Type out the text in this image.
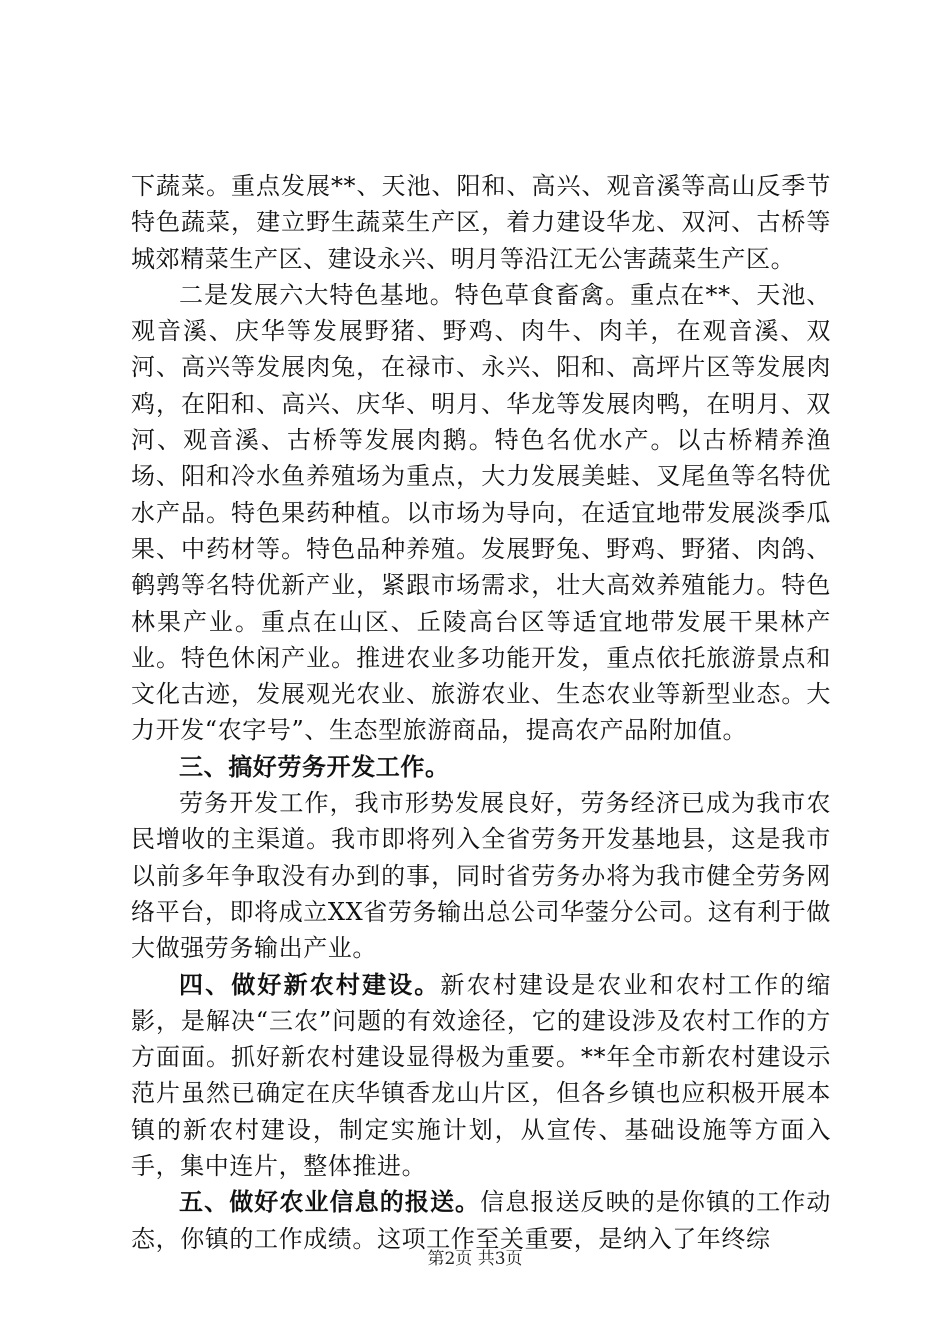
下蔬菜。重点发展**、天池、阳和、高兴、观音溪等高山反季节特色蔬菜，建立野生蔬菜生产区，着力建设华龙、双河、古桥等城郊精菜生产区、建设永兴、明月等沿江无公害蔬菜生产区。

二是发展六大特色基地。特色草食畜禽。重点在**、天池、观音溪、庆华等发展野猪、野鸡、肉牛、肉羊，在观音溪、双河、高兴等发展肉兔，在禄市、永兴、阳和、高坪片区等发展肉鸡，在阳和、高兴、庆华、明月、华龙等发展肉鸭，在明月、双河、观音溪、古桥等发展肉鹅。特色名优水产。以古桥精养渔场、阳和冷水鱼养殖场为重点，大力发展美蛙、叉尾鱼等名特优水产品。特色果药种植。以市场为导向，在适宜地带发展淡季瓜果、中药材等。特色品种养殖。发展野兔、野鸡、野猪、肉鸽、鹌鹑等名特优新产业，紧跟市场需求，壮大高效养殖能力。特色林果产业。重点在山区、丘陵高台区等适宜地带发展干果林产业。特色休闲产业。推进农业多功能开发，重点依托旅游景点和文化古迹，发展观光农业、旅游农业、生态农业等新型业态。大力开发“农字号”、生态型旅游商品，提高农产品附加值。

三、搞好劳务开发工作。

劳务开发工作，我市形势发展良好，劳务经济已成为我市农民增收的主渠道。我市即将列入全省劳务开发基地县，这是我市以前多年争取没有办到的事，同时省劳务办将为我市健全劳务网络平台，即将成立XX省劳务输出总公司华蓥分公司。这有利于做大做强劳务输出产业。

四、做好新农村建设。新农村建设是农业和农村工作的缩影，是解决“三农”问题的有效途径，它的建设涉及农村工作的方方面面。抓好新农村建设显得极为重要。**年全市新农村建设示范片虽然已确定在庆华镇香龙山片区，但各乡镇也应积极开展本镇的新农村建设，制定实施计划，从宣传、基础设施等方面入手，集中连片，整体推进。

五、做好农业信息的报送。信息报送反映的是你镇的工作动态，你镇的工作成绩。这项工作至关重要，是纳入了年终综

第2页 共3页
